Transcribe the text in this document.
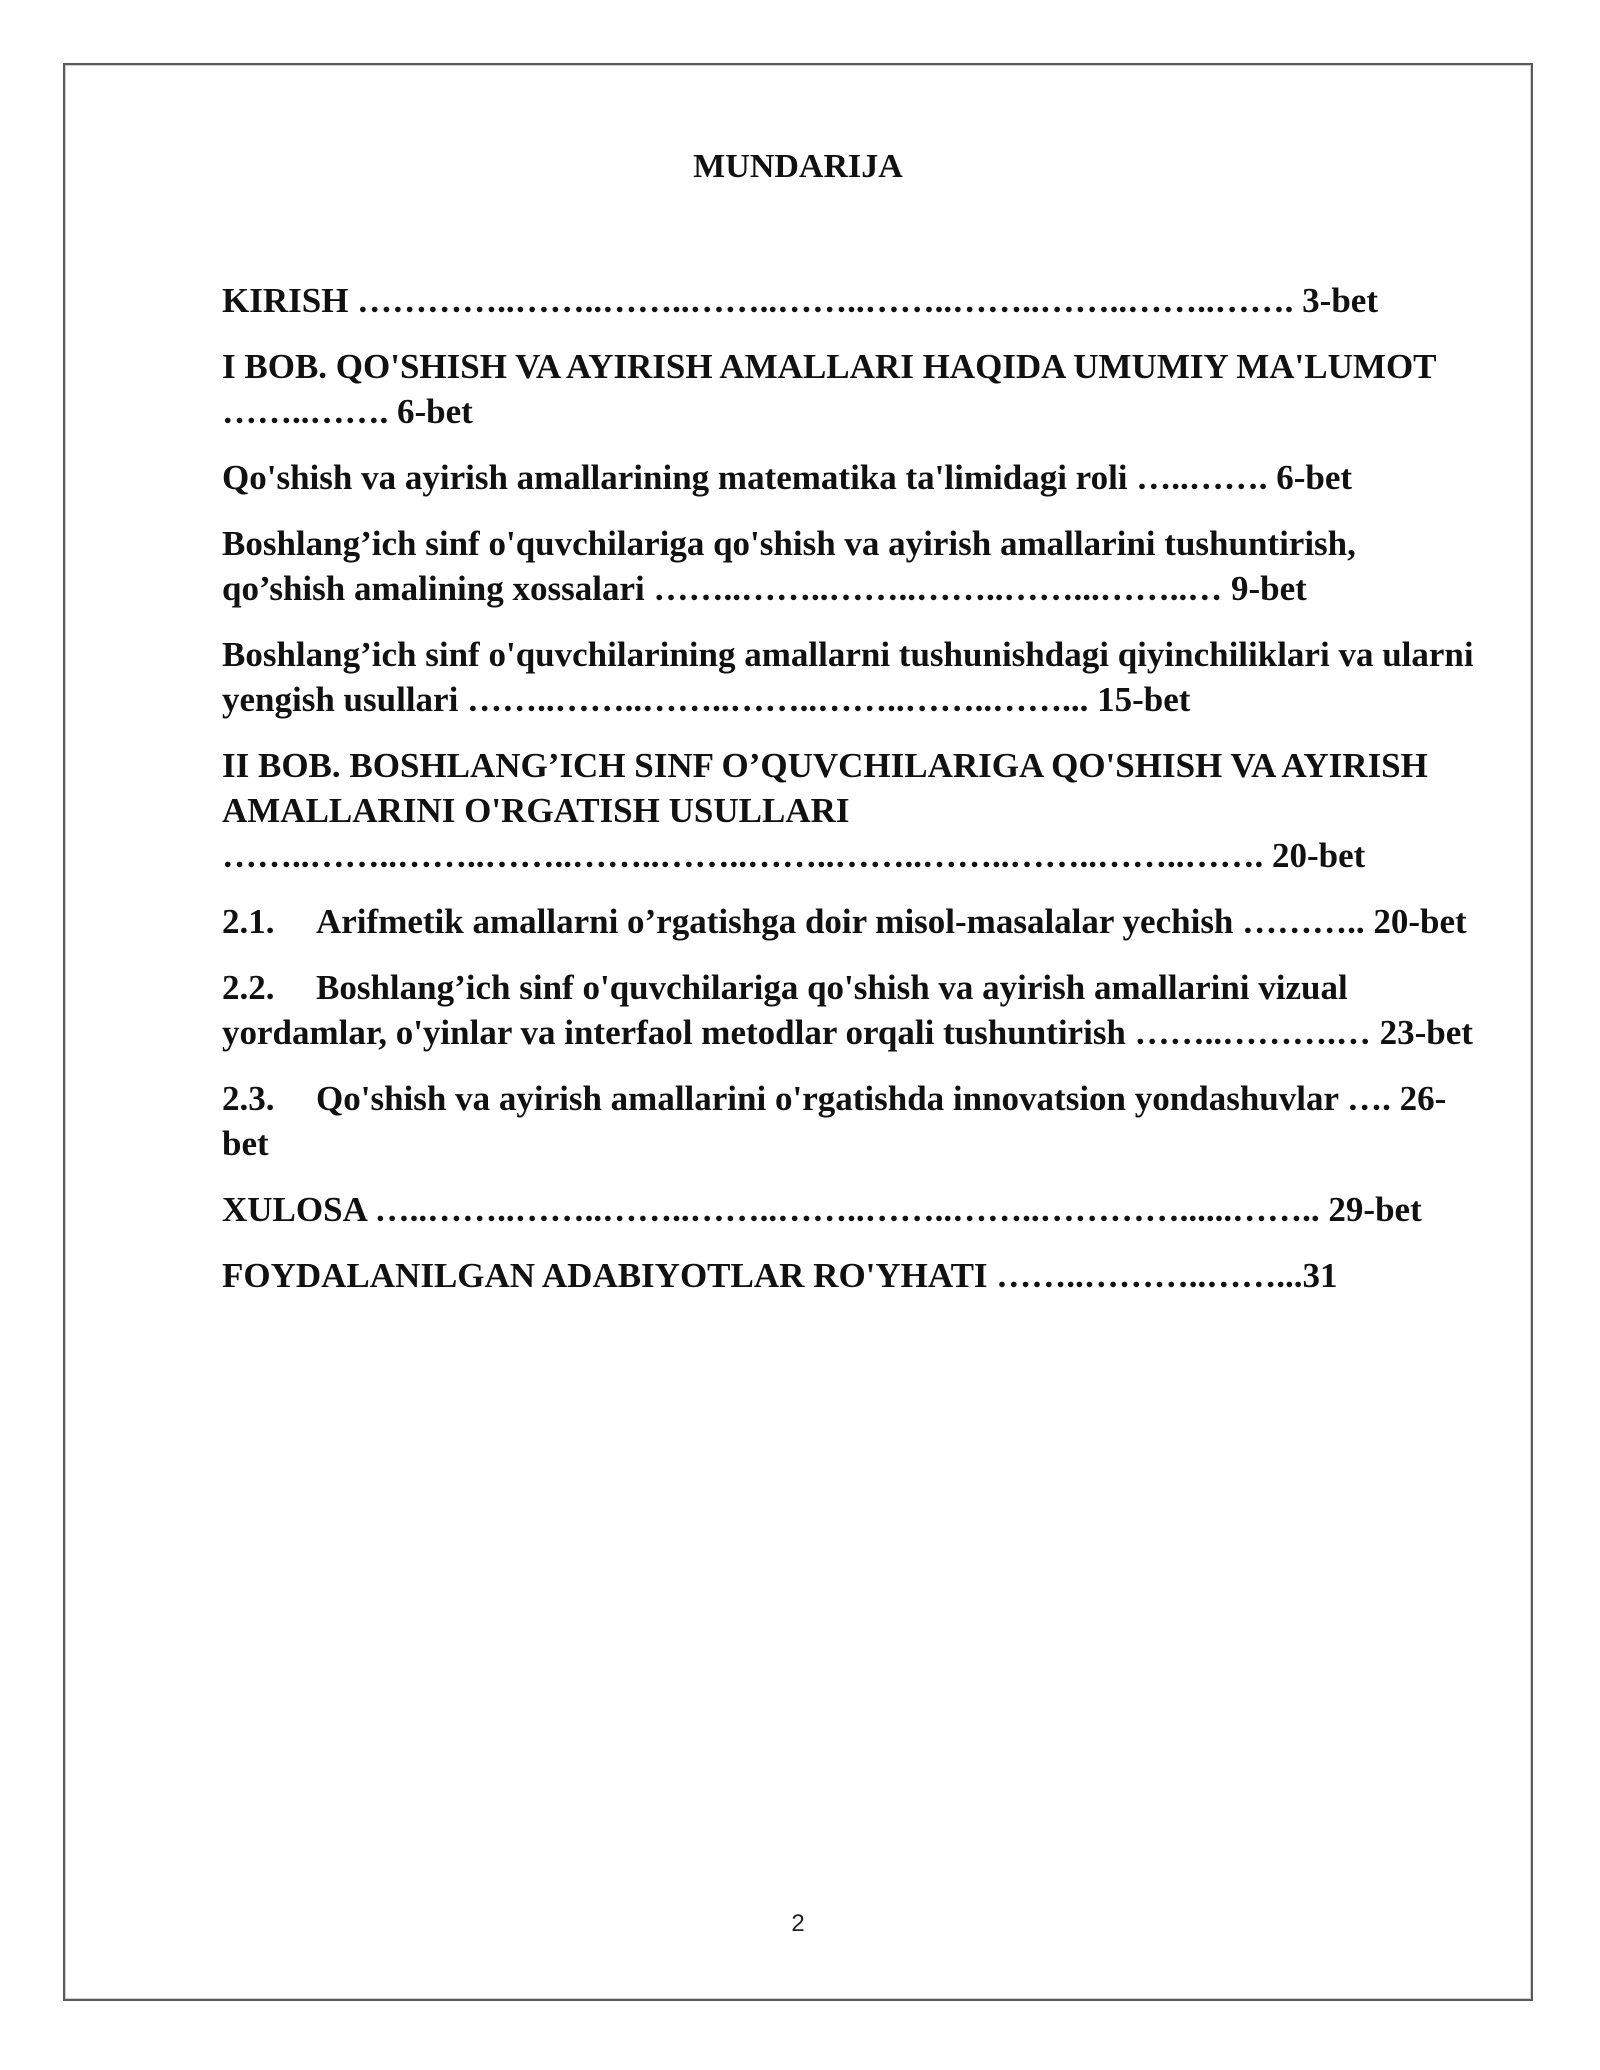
MUNDARIJA
KIRISH …………..……..……..……..……..……..……..……..……..……. 3-bet
I BOB. QO'SHISH VA AYIRISH AMALLARI HAQIDA UMUMIY MA'LUMOT ……..……. 6-bet
Qo'shish va ayirish amallarining matematika ta'limidagi roli …..……. 6-bet
Boshlang’ich sinf o'quvchilariga qo'shish va ayirish amallarini tushuntirish, qo’shish amalining xossalari ……..……..……..……..……...……..… 9-bet
Boshlang’ich sinf o'quvchilarining amallarni tushunishdagi qiyinchiliklari va ularni yengish usullari ……..……..……..……..……..……..……... 15-bet
II BOB. BOSHLANG’ICH SINF O’QUVCHILARIGA QO'SHISH VA AYIRISH AMALLARINI O'RGATISH USULLARI ……..……..……..……..……..……..……..……..……..……..……..……. 20-bet
2.1. Arifmetik amallarni o’rgatishga doir misol-masalalar yechish ……….. 20-bet
2.2. Boshlang’ich sinf o'quvchilariga qo'shish va ayirish amallarini vizual yordamlar, o'yinlar va interfaol metodlar orqali tushuntirish ……..……….… 23-bet
2.3. Qo'shish va ayirish amallarini o'rgatishda innovatsion yondashuvlar …. 26-bet
XULOSA …..……..……..……..……..……..……..……..…………......…….. 29-bet
FOYDALANILGAN ADABIYOTLAR RO'YHATI ……..………..……...31
2
